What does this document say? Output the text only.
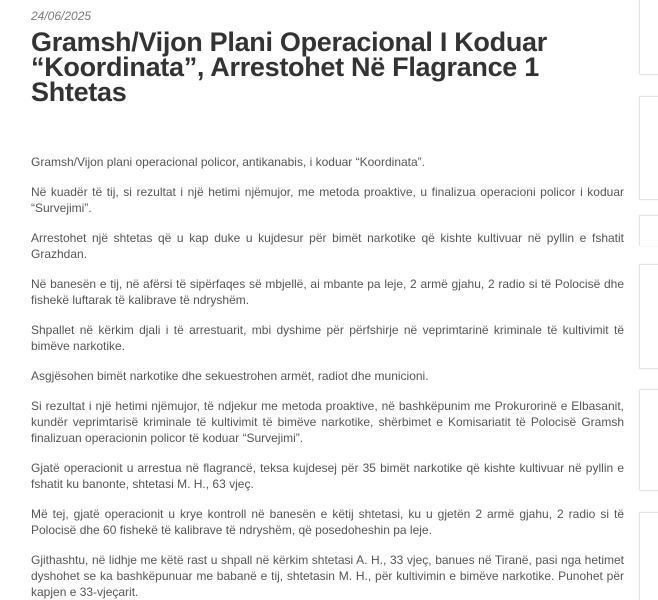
24/06/2025
Gramsh/Vijon Plani Operacional I Koduar “Koordinata”, Arrestohet Në Flagrance 1 Shtetas

Gramsh/Vijon plani operacional policor, antikanabis, i koduar “Koordinata”.

Në kuadër të tij, si rezultat i një hetimi njëmujor, me metoda proaktive, u finalizua operacioni policor i koduar “Survejimi”.

Arrestohet një shtetas që u kap duke u kujdesur për bimët narkotike që kishte kultivuar në pyllin e fshatit Grazhdan.

Në banesën e tij, në afërsi të sipërfaqes së mbjellë, ai mbante pa leje, 2 armë gjahu, 2 radio si të Polocisë dhe fishekë luftarak të kalibrave të ndryshëm.

Shpallet në kërkim djali i të arrestuarit, mbi dyshime për përfshirje në veprimtarinë kriminale të kultivimit të bimëve narkotike.

Asgjësohen bimët narkotike dhe sekuestrohen armët, radiot dhe municioni.

Si rezultat i një hetimi njëmujor, të ndjekur me metoda proaktive, në bashkëpunim me Prokurorinë e Elbasanit, kundër veprimtarisë kriminale të kultivimit të bimëve narkotike, shërbimet e Komisariatit të Polocisë Gramsh finalizuan operacionin policor të koduar “Survejimi”.

Gjatë operacionit u arrestua në flagrancë, teksa kujdesej për 35 bimët narkotike që kishte kultivuar në pyllin e fshatit ku banonte, shtetasi M. H., 63 vjeç.

Më tej, gjatë operacionit u kryе kontroll në banesën e këtij shtetasi, ku u gjetën 2 armë gjahu, 2 radio si të Polocisë dhe 60 fishekë të kalibrave të ndryshëm, që posedoheshin pa leje.

Gjithashtu, në lidhje me këtë rast u shpall në kërkim shtetasi A. H., 33 vjeç, banues në Tiranë, pasi nga hetimet dyshohet se ka bashkëpunuar me babanë e tij, shtetasin M. H., për kultivimin e bimëve narkotike. Punohet për kapjen e 33-vjeçarit.
